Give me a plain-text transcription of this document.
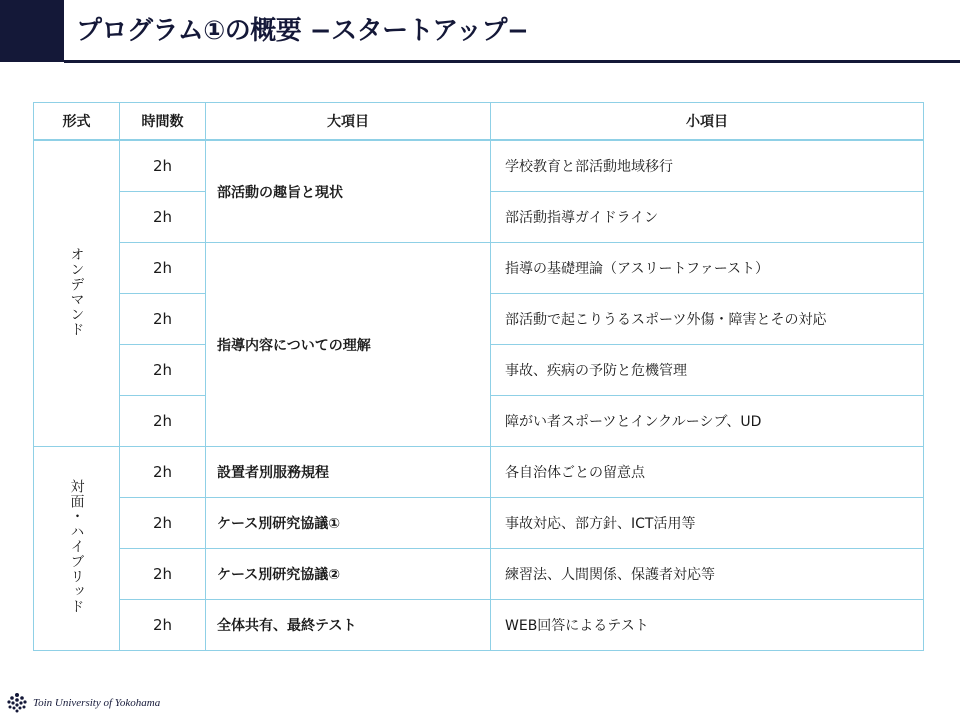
プログラム①の概要 −スタートアップ−
形式	時間数	大項目	小項目
オンデマンド	2h	部活動の趣旨と現状	学校教育と部活動地域移行
	2h		部活動指導ガイドライン
	2h	指導内容についての理解	指導の基礎理論（アスリートファースト）
	2h		部活動で起こりうるスポーツ外傷・障害とその対応
	2h		事故、疾病の予防と危機管理
	2h		障がい者スポーツとインクルーシブ、UD
対面・ハイブリッド	2h	設置者別服務規程	各自治体ごとの留意点
	2h	ケース別研究協議①	事故対応、部方針、ICT活用等
	2h	ケース別研究協議②	練習法、人間関係、保護者対応等
	2h	全体共有、最終テスト	WEB回答によるテスト
Toin University of Yokohama
